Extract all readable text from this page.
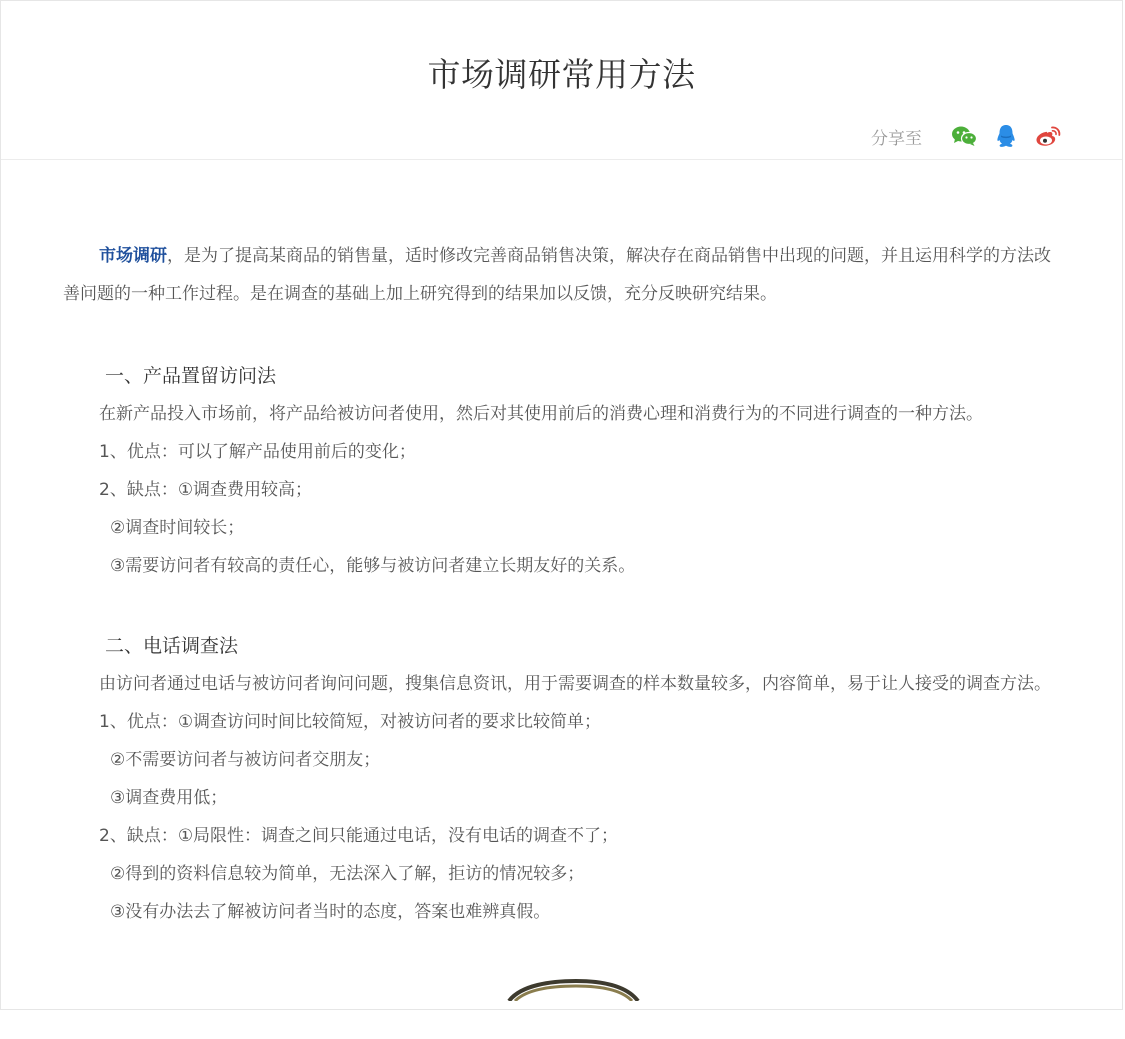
市场调研常用方法
分享至

市场调研，是为了提高某商品的销售量，适时修改完善商品销售决策，解决存在商品销售中出现的问题，并且运用科学的方法改善问题的一种工作过程。是在调查的基础上加上研究得到的结果加以反馈，充分反映研究结果。

一、产品置留访问法

在新产品投入市场前，将产品给被访问者使用，然后对其使用前后的消费心理和消费行为的不同进行调查的一种方法。

1、优点：可以了解产品使用前后的变化；

2、缺点：①调查费用较高；

②调查时间较长；

③需要访问者有较高的责任心，能够与被访问者建立长期友好的关系。

二、电话调查法

由访问者通过电话与被访问者询问问题，搜集信息资讯，用于需要调查的样本数量较多，内容简单，易于让人接受的调查方法。

1、优点：①调查访问时间比较简短，对被访问者的要求比较简单；

②不需要访问者与被访问者交朋友；

③调查费用低；

2、缺点：①局限性：调查之间只能通过电话，没有电话的调查不了；

②得到的资料信息较为简单，无法深入了解，拒访的情况较多；

③没有办法去了解被访问者当时的态度，答案也难辨真假。
